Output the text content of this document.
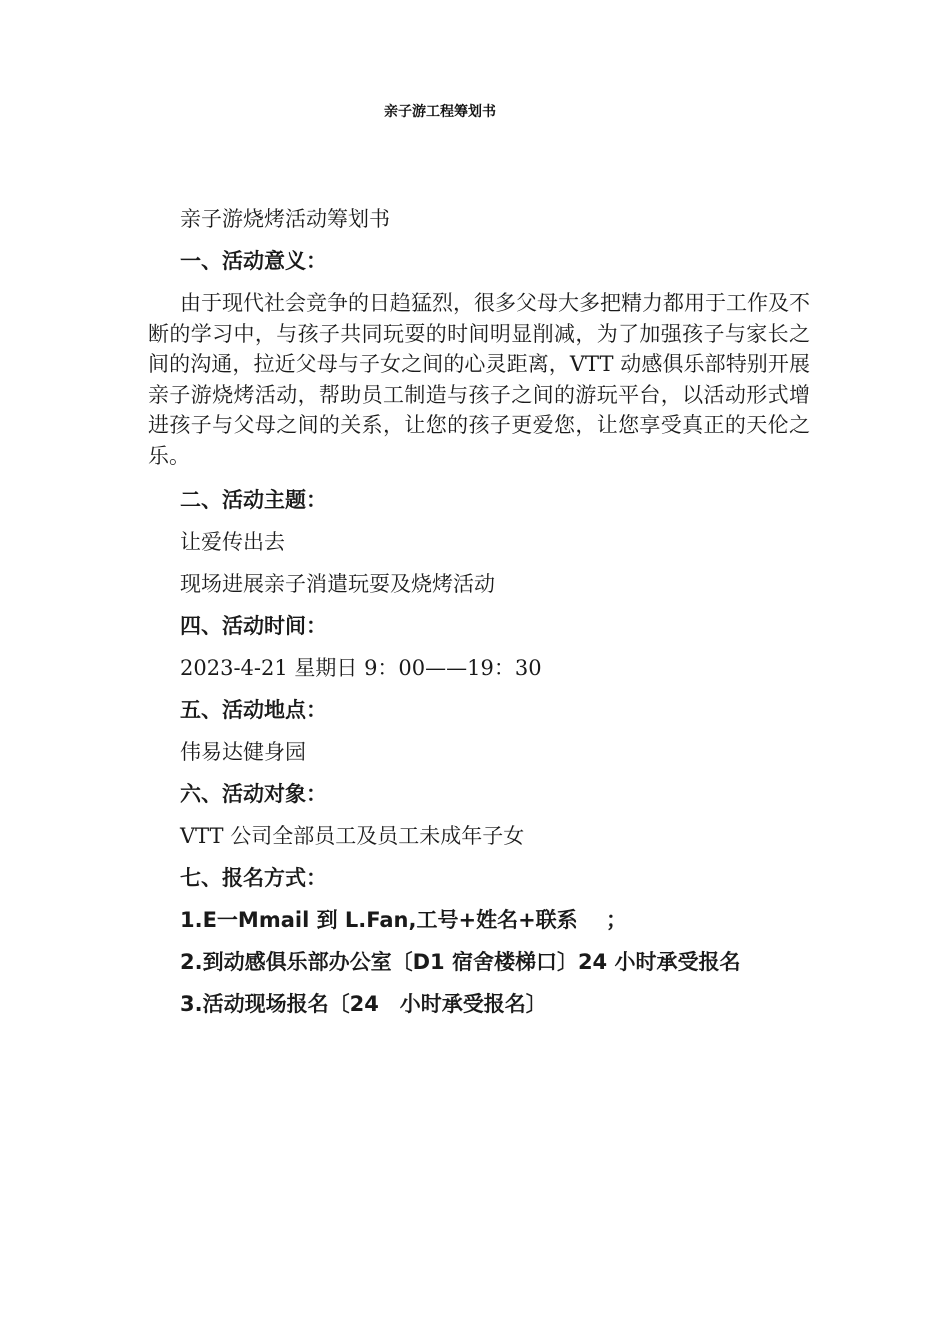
亲子游工程筹划书
亲子游烧烤活动筹划书
一、活动意义：

由于现代社会竞争的日趋猛烈，很多父母大多把精力都用于工作及不断的学习中，与孩子共同玩耍的时间明显削减，为了加强孩子与家长之间的沟通，拉近父母与子女之间的心灵距离，VTT 动感俱乐部特别开展亲子游烧烤活动，帮助员工制造与孩子之间的游玩平台，以活动形式增进孩子与父母之间的关系，让您的孩子更爱您，让您享受真正的天伦之乐。

二、活动主题：
让爱传出去
现场进展亲子消遣玩耍及烧烤活动
四、活动时间：
2023-4-21 星期日 9：00——19：30
五、活动地点：
伟易达健身园
六、活动对象：
VTT 公司全部员工及员工未成年子女
七、报名方式：
1.E一Mmail 到 L.Fan,工号+姓名+联系　 ；
2.到动感俱乐部办公室〔D1 宿舍楼梯口〕24 小时承受报名
3.活动现场报名〔24　小时承受报名〕
